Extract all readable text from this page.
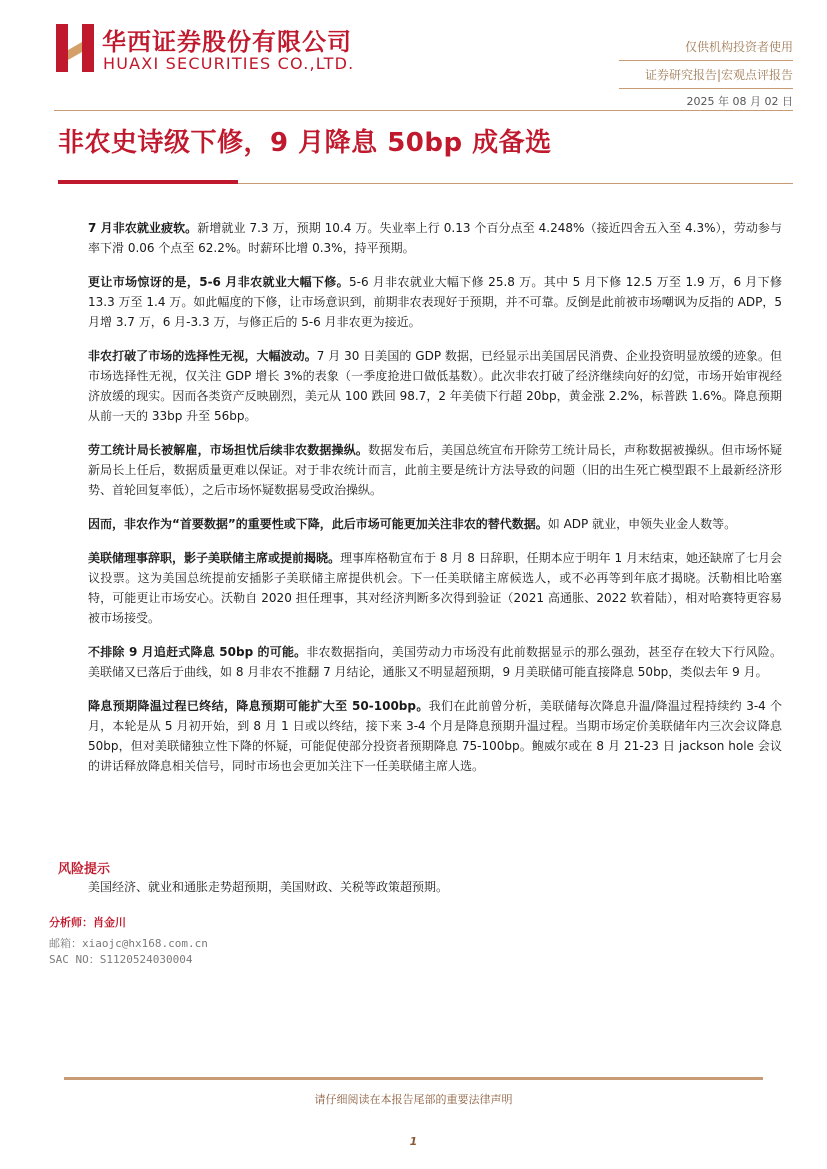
华西证券股份有限公司
HUAXI SECURITIES CO.,LTD.
仅供机构投资者使用
证券研究报告|宏观点评报告
2025 年 08 月 02 日
非农史诗级下修，9 月降息 50bp 成备选

7 月非农就业疲软。新增就业 7.3 万，预期 10.4 万。失业率上行 0.13 个百分点至 4.248%（接近四舍五入至 4.3%），劳动参与率下滑 0.06 个点至 62.2%。时薪环比增 0.3%，持平预期。

更让市场惊讶的是，5-6 月非农就业大幅下修。5-6 月非农就业大幅下修 25.8 万。其中 5 月下修 12.5 万至 1.9 万，6 月下修 13.3 万至 1.4 万。如此幅度的下修，让市场意识到，前期非农表现好于预期，并不可靠。反倒是此前被市场嘲讽为反指的 ADP，5 月增 3.7 万，6 月-3.3 万，与修正后的 5-6 月非农更为接近。

非农打破了市场的选择性无视，大幅波动。7 月 30 日美国的 GDP 数据，已经显示出美国居民消费、企业投资明显放缓的迹象。但市场选择性无视，仅关注 GDP 增长 3%的表象（一季度抢进口做低基数）。此次非农打破了经济继续向好的幻觉，市场开始审视经济放缓的现实。因而各类资产反映剧烈，美元从 100 跌回 98.7，2 年美债下行超 20bp，黄金涨 2.2%，标普跌 1.6%。降息预期从前一天的 33bp 升至 56bp。

劳工统计局长被解雇，市场担忧后续非农数据操纵。数据发布后，美国总统宣布开除劳工统计局长，声称数据被操纵。但市场怀疑新局长上任后，数据质量更难以保证。对于非农统计而言，此前主要是统计方法导致的问题（旧的出生死亡模型跟不上最新经济形势、首轮回复率低），之后市场怀疑数据易受政治操纵。

因而，非农作为“首要数据”的重要性或下降，此后市场可能更加关注非农的替代数据。如 ADP 就业，申领失业金人数等。

美联储理事辞职，影子美联储主席或提前揭晓。理事库格勒宣布于 8 月 8 日辞职，任期本应于明年 1 月末结束，她还缺席了七月会议投票。这为美国总统提前安插影子美联储主席提供机会。下一任美联储主席候选人，或不必再等到年底才揭晓。沃勒相比哈塞特，可能更让市场安心。沃勒自 2020 担任理事，其对经济判断多次得到验证（2021 高通胀、2022 软着陆），相对哈赛特更容易被市场接受。

不排除 9 月追赶式降息 50bp 的可能。非农数据指向，美国劳动力市场没有此前数据显示的那么强劲，甚至存在较大下行风险。美联储又已落后于曲线，如 8 月非农不推翻 7 月结论，通胀又不明显超预期，9 月美联储可能直接降息 50bp，类似去年 9 月。

降息预期降温过程已终结，降息预期可能扩大至 50-100bp。我们在此前曾分析，美联储每次降息升温/降温过程持续约 3-4 个月，本轮是从 5 月初开始，到 8 月 1 日或以终结，接下来 3-4 个月是降息预期升温过程。当期市场定价美联储年内三次会议降息 50bp，但对美联储独立性下降的怀疑，可能促使部分投资者预期降息 75-100bp。鲍威尔或在 8 月 21-23 日 jackson hole 会议的讲话释放降息相关信号，同时市场也会更加关注下一任美联储主席人选。

风险提示
美国经济、就业和通胀走势超预期，美国财政、关税等政策超预期。
分析师：肖金川
邮箱：xiaojc@hx168.com.cn
SAC NO：S1120524030004
请仔细阅读在本报告尾部的重要法律声明
1
